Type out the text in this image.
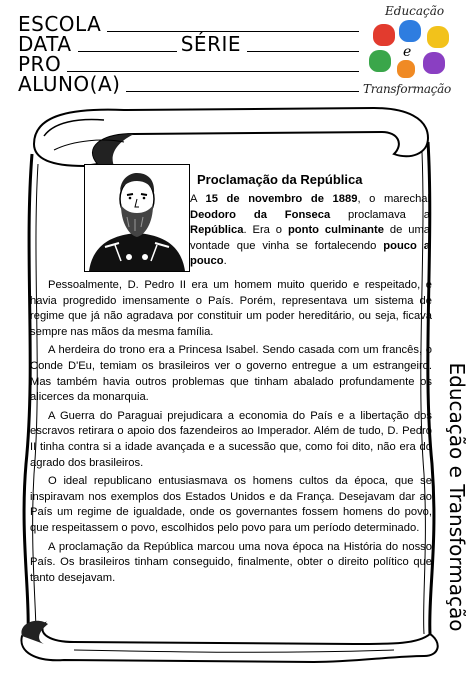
ESCOLA
DATA	SÉRIE
PRO
ALUNO(A)
Educação
e
Transformação
Proclamação da República
A 15 de novembro de 1889, o marechal Deodoro da Fonseca proclamava a República. Era o ponto culminante de uma vontade que vinha se fortalecendo pouco a pouco.

Pessoalmente, D. Pedro II era um homem muito querido e respeitado, e havia progredido imensamente o País. Porém, representava um sistema de regime que já não agradava por constituir um poder hereditário, ou seja, ficava sempre nas mãos da mesma família.

A herdeira do trono era a Princesa Isabel. Sendo casada com um francês, o Conde D'Eu, temiam os brasileiros ver o governo entregue a um estrangeiro. Mas também havia outros problemas que tinham abalado profundamente os alicerces da monarquia.

A Guerra do Paraguai prejudicara a economia do País e a libertação dos escravos retirara o apoio dos fazendeiros ao Imperador. Além de tudo, D. Pedro II tinha contra si a idade avançada e a sucessão que, como foi dito, não era do agrado dos brasileiros.

O ideal republicano entusiasmava os homens cultos da época, que se inspiravam nos exemplos dos Estados Unidos e da França. Desejavam dar ao País um regime de igualdade, onde os governantes fossem homens do povo, que respeitassem o povo, escolhidos pelo povo para um período determinado.

A proclamação da República marcou uma nova época na História do nosso País. Os brasileiros tinham conseguido, finalmente, obter o direito político que tanto desejavam.	Educação e Transformação
